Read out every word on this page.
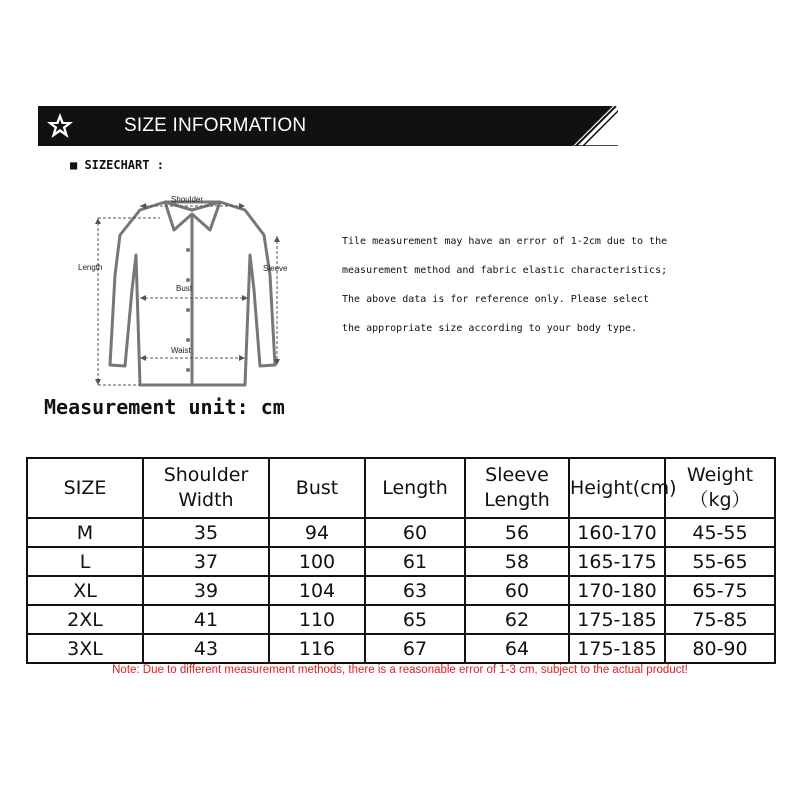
SIZE INFORMATION
■ SIZECHART :
Shoulder
Length	Sleeve
Bust
Waist
Tile measurement may have an error of 1-2cm due to the
measurement method and fabric elastic characteristics;
The above data is for reference only. Please select
the appropriate size according to your body type.
Measurement unit: cm
SIZE	Shoulder Width	Bust	Length	Sleeve Length	Height(cm)	Weight （kg）
M	35	94	60	56	160-170	45-55
L	37	100	61	58	165-175	55-65
XL	39	104	63	60	170-180	65-75
2XL	41	110	65	62	175-185	75-85
3XL	43	116	67	64	175-185	80-90
Note: Due to different measurement methods, there is a reasonable error of 1-3 cm, subject to the actual product!
